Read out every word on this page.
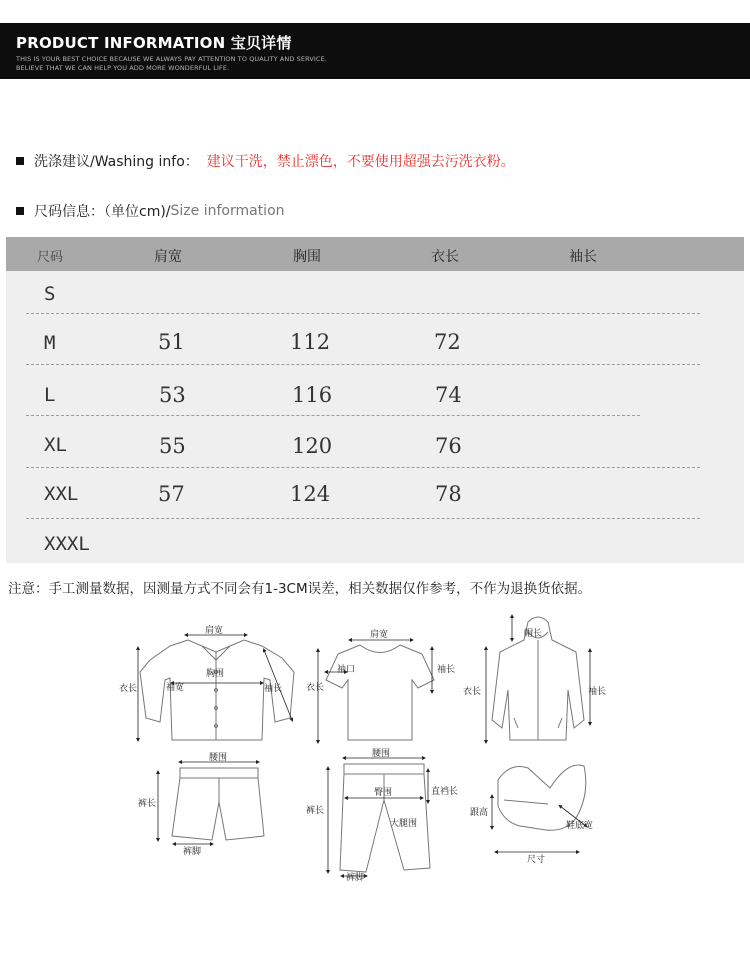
PRODUCT INFORMATION 宝贝详情
THIS IS YOUR BEST CHOICE BECAUSE WE ALWAYS PAY ATTENTION TO QUALITY AND SERVICE.
BELIEVE THAT WE CAN HELP YOU ADD MORE WONDERFUL LIFE.
洗涤建议/Washing info： 建议干洗，禁止漂色，不要使用超强去污洗衣粉。
尺码信息：（单位cm)/ Size information
尺码	肩宽	胸围	衣长	袖长
S
M	51	112	72
L	53	116	74
XL	55	120	76
XXL	57	124	78
XXXL
注意：手工测量数据，因测量方式不同会有1-3CM误差，相关数据仅作参考，不作为退换货依据。
肩宽
衣长	袖宽
胸围
袖长
肩宽
袖口
衣长
袖长
帽长
衣长	袖长
腰围
裤长
裤脚
腰围
臀围	直裆长
裤长
大腿围
裤脚
跟高
鞋底宽
尺寸
